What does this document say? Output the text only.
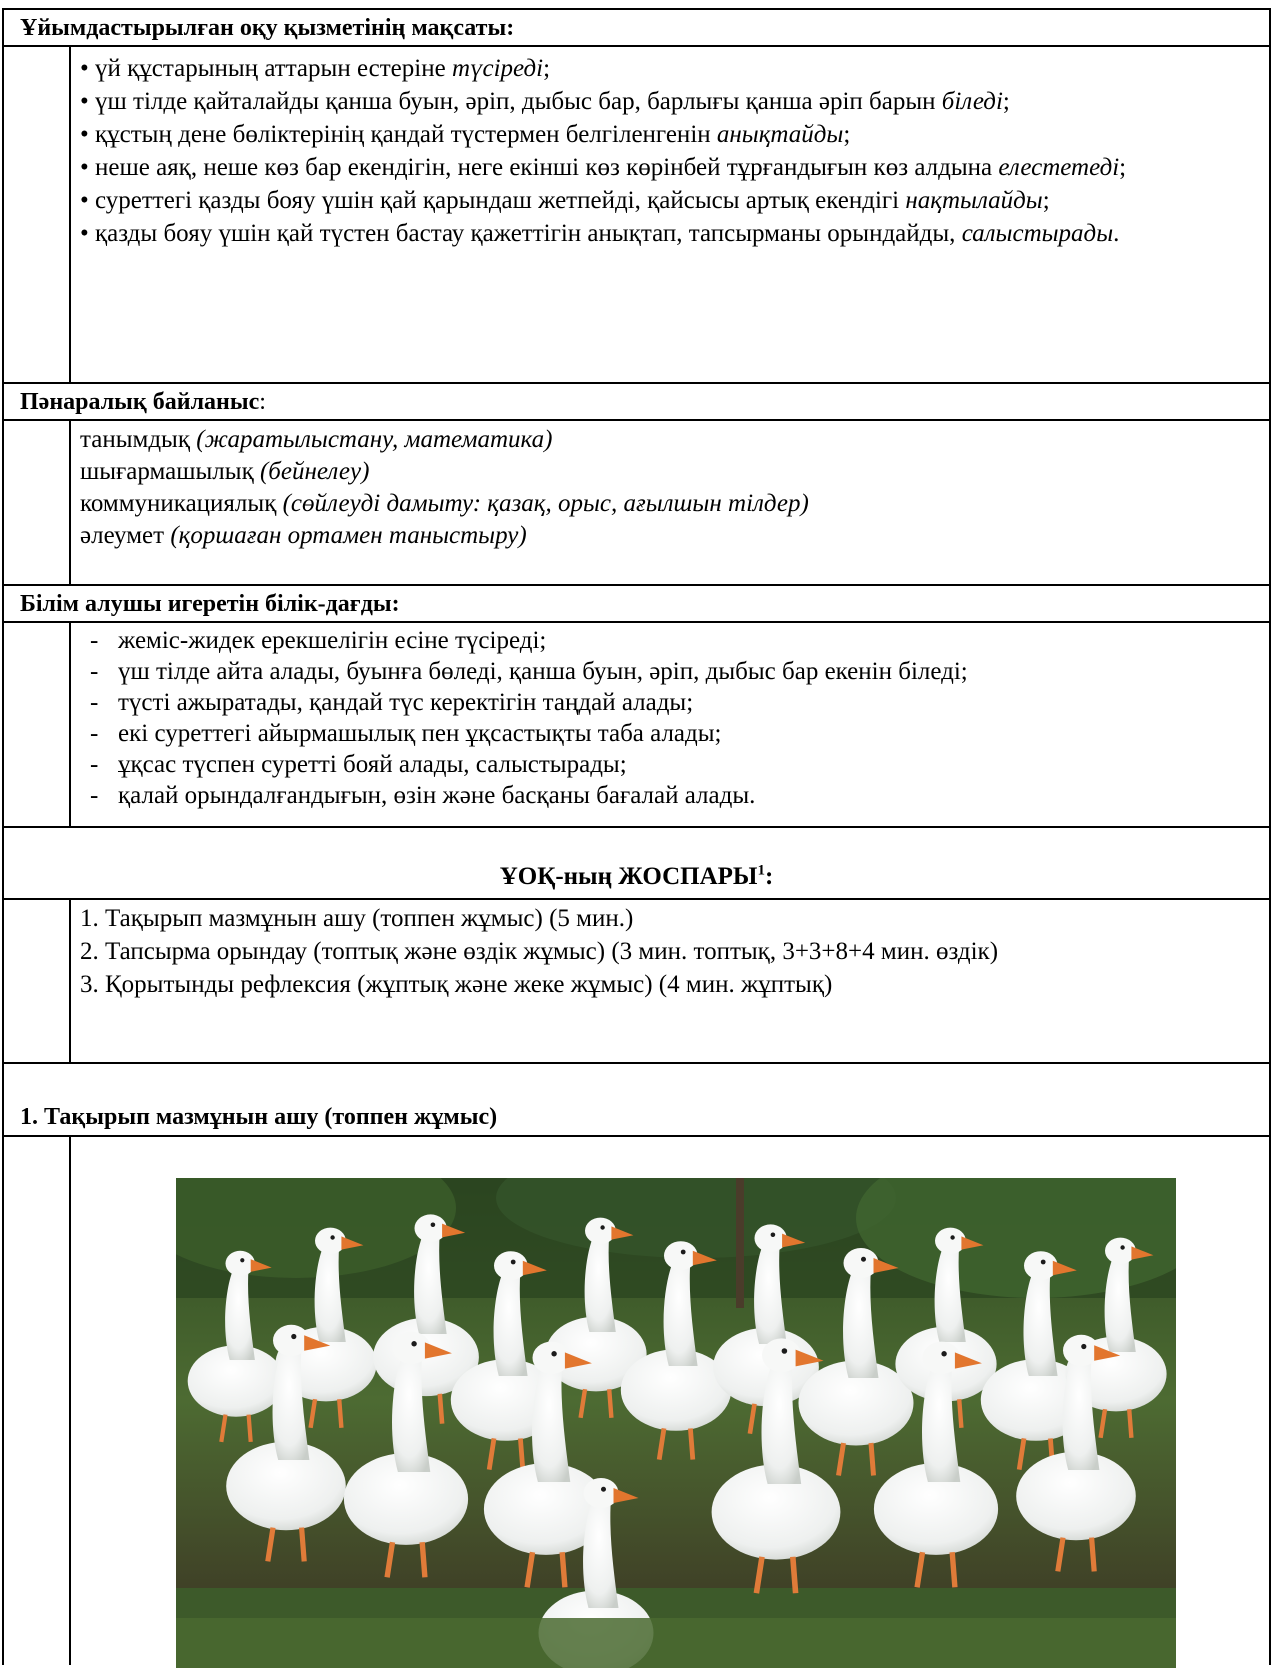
Ұйымдастырылған оқу қызметінің мақсаты:

• үй құстарының аттарын естеріне түсіреді;

• үш тілде қайталайды қанша буын, әріп, дыбыс бар, барлығы қанша әріп барын біледі;

• құстың дене бөліктерінің қандай түстермен белгіленгенін анықтайды;

• неше аяқ, неше көз бар екендігін, неге екінші көз көрінбей тұрғандығын көз алдына елестетеді;

• суреттегі қазды бояу үшін қай қарындаш жетпейді, қайсысы артық екендігі нақтылайды;

• қазды бояу үшін қай түстен бастау қажеттігін анықтап, тапсырманы орындайды, салыстырады.

Пәнаралық байланыс:

танымдық (жаратылыстану, математика)

шығармашылық (бейнелеу)

коммуникациялық (сөйлеуді дамыту: қазақ, орыс, ағылшын тілдер)

әлеумет (қоршаған ортамен таныстыру)

Білім алушы игеретін білік-дағды:

- жеміс-жидек ерекшелігін есіне түсіреді;

- үш тілде айта алады, буынға бөледі, қанша буын, әріп, дыбыс бар екенін біледі;

- түсті ажыратады, қандай түс керектігін таңдай алады;

- екі суреттегі айырмашылық пен ұқсастықты таба алады;

- ұқсас түспен суретті бояй алады, салыстырады;

- қалай орындалғандығын, өзін және басқаны бағалай алады.

ҰОҚ-ның ЖОСПАРЫ$^1$:

1. Тақырып мазмұнын ашу (топпен жұмыс) (5 мин.)

2. Тапсырма орындау (топтық және өздік жұмыс) (3 мин. топтық, 3+3+8+4 мин. өздік)

3. Қорытынды рефлексия (жұптық және жеке жұмыс) (4 мин. жұптық)

1. Тақырып мазмұнын ашу (топпен жұмыс)
